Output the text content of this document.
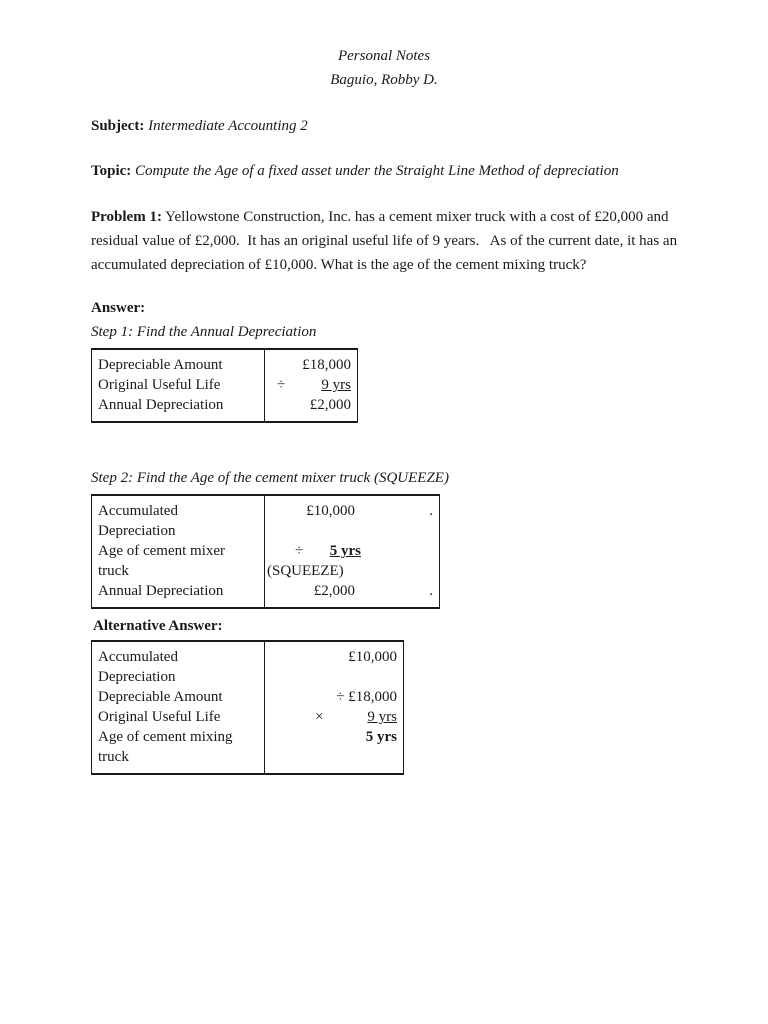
Personal Notes
Baguio, Robby D.
Subject: Intermediate Accounting 2
Topic: Compute the Age of a fixed asset under the Straight Line Method of depreciation
Problem 1: Yellowstone Construction, Inc. has a cement mixer truck with a cost of £20,000 and
residual value of £2,000.  It has an original useful life of 9 years.   As of the current date, it has an
accumulated depreciation of £10,000. What is the age of the cement mixing truck?
Answer:
Step 1: Find the Annual Depreciation
Depreciable Amount	£18,000
Original Useful Life	÷ 9 yrs
Annual Depreciation	£2,000
Step 2: Find the Age of the cement mixer truck (SQUEEZE)
Accumulated Depreciation	£10,000 .

Age of cement mixer truck	÷ 5 yrs(SQUEEZE)
Annual Depreciation	£2,000 .
Alternative Answer:
Accumulated Depreciation	£10,000
Depreciable Amount	÷ £18,000
Original Useful Life	× 9 yrs
Age of cement mixing truck	5 yrs
